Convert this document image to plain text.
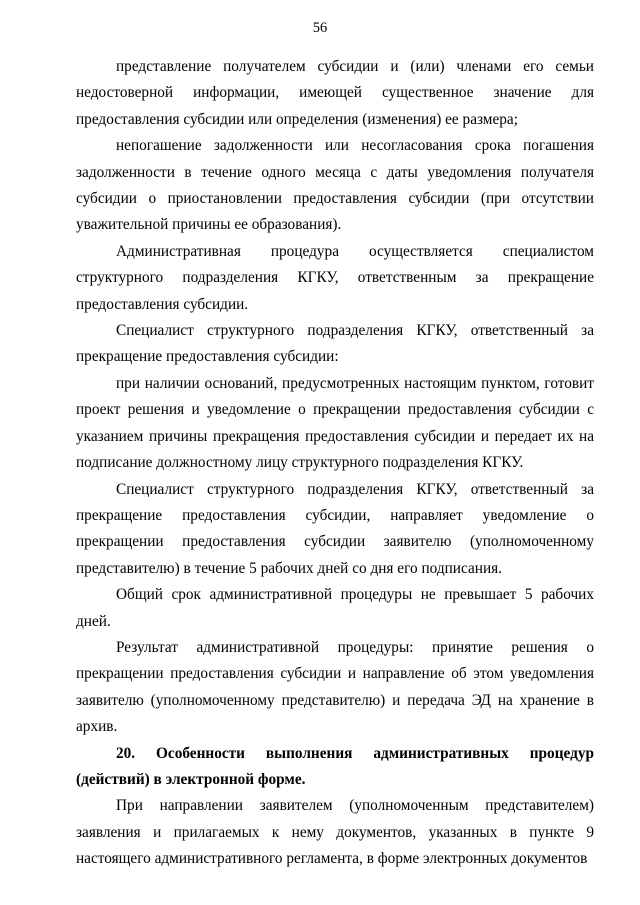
56

представление получателем субсидии и (или) членами его семьи недостоверной информации, имеющей существенное значение для предоставления субсидии или определения (изменения) ее размера;

непогашение задолженности или несогласования срока погашения задолженности в течение одного месяца с даты уведомления получателя субсидии о приостановлении предоставления субсидии (при отсутствии уважительной причины ее образования).

Административная процедура осуществляется специалистом структурного подразделения КГКУ, ответственным за прекращение предоставления субсидии.

Специалист структурного подразделения КГКУ, ответственный за прекращение предоставления субсидии:

при наличии оснований, предусмотренных настоящим пунктом, готовит проект решения и уведомление о прекращении предоставления субсидии с указанием причины прекращения предоставления субсидии и передает их на подписание должностному лицу структурного подразделения КГКУ.

Специалист структурного подразделения КГКУ, ответственный за прекращение предоставления субсидии, направляет уведомление о прекращении предоставления субсидии заявителю (уполномоченному представителю) в течение 5 рабочих дней со дня его подписания.

Общий срок административной процедуры не превышает 5 рабочих дней.

Результат административной процедуры: принятие решения о прекращении предоставления субсидии и направление об этом уведомления заявителю (уполномоченному представителю) и передача ЭД на хранение в архив.

20. Особенности выполнения административных процедур (действий) в электронной форме.

При направлении заявителем (уполномоченным представителем) заявления и прилагаемых к нему документов, указанных в пункте 9 настоящего административного регламента, в форме электронных документов
